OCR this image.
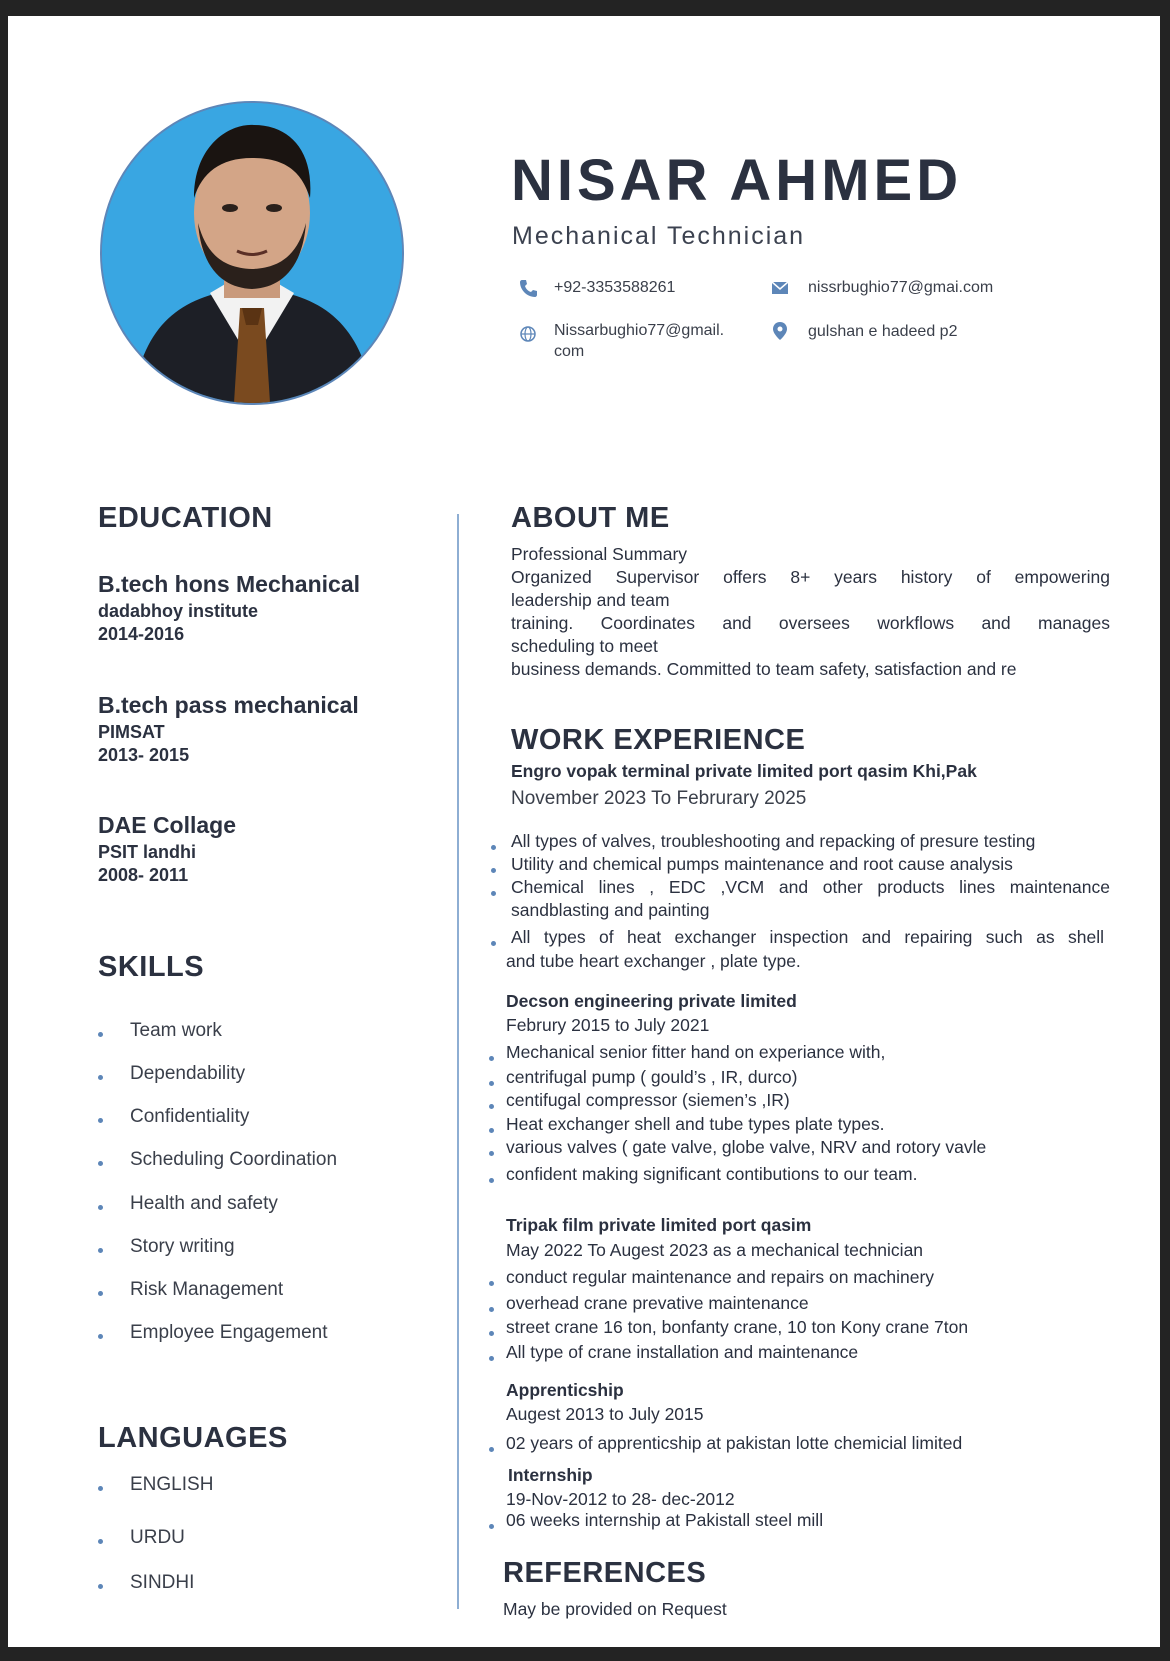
NISAR AHMED
Mechanical Technician
+92-3353588261	nissrbughio77@gmai.com
Nissarbughio77@gmail.
com
gulshan e hadeed p2
EDUCATION
B.tech hons Mechanical
dadabhoy institute
2014-2016
B.tech pass mechanical
PIMSAT
2013- 2015
DAE Collage
PSIT landhi
2008- 2011
SKILLS
Team work
Dependability
Confidentiality
Scheduling Coordination
Health and safety
Story writing
Risk Management
Employee Engagement
LANGUAGES
ENGLISH
URDU
SINDHI
ABOUT ME
Professional Summary
Organized Supervisor offers 8+ years history of empowering
leadership and team
training. Coordinates and oversees workflows and manages
scheduling to meet
business demands. Committed to team safety, satisfaction and re
WORK EXPERIENCE
Engro vopak terminal private limited port qasim Khi,Pak
November 2023 To Februrary 2025
All types of valves, troubleshooting and repacking of presure testing
Utility and chemical pumps maintenance and root cause analysis
Chemical lines , EDC ,VCM and other products lines maintenance
sandblasting and painting
All types of heat exchanger inspection and repairing such as shell
and tube heart exchanger , plate type.
Decson engineering private limited
Februry 2015 to July 2021
Mechanical senior fitter hand on experiance with,
centrifugal pump ( gould’s , IR, durco)
centifugal compressor (siemen’s ,IR)
Heat exchanger shell and tube types plate types.
various valves ( gate valve, globe valve, NRV and rotory vavle
confident making significant contibutions to our team.
Tripak film private limited port qasim
May 2022 To Augest 2023 as a mechanical technician
conduct regular maintenance and repairs on machinery
overhead crane prevative maintenance
street crane 16 ton, bonfanty crane, 10 ton Kony crane 7ton
All type of crane installation and maintenance
Apprenticship
Augest 2013 to July 2015
02 years of apprenticship at pakistan lotte chemicial limited
Internship
19-Nov-2012 to 28- dec-2012
06 weeks internship at Pakistall steel mill
REFERENCES
May be provided on Request
